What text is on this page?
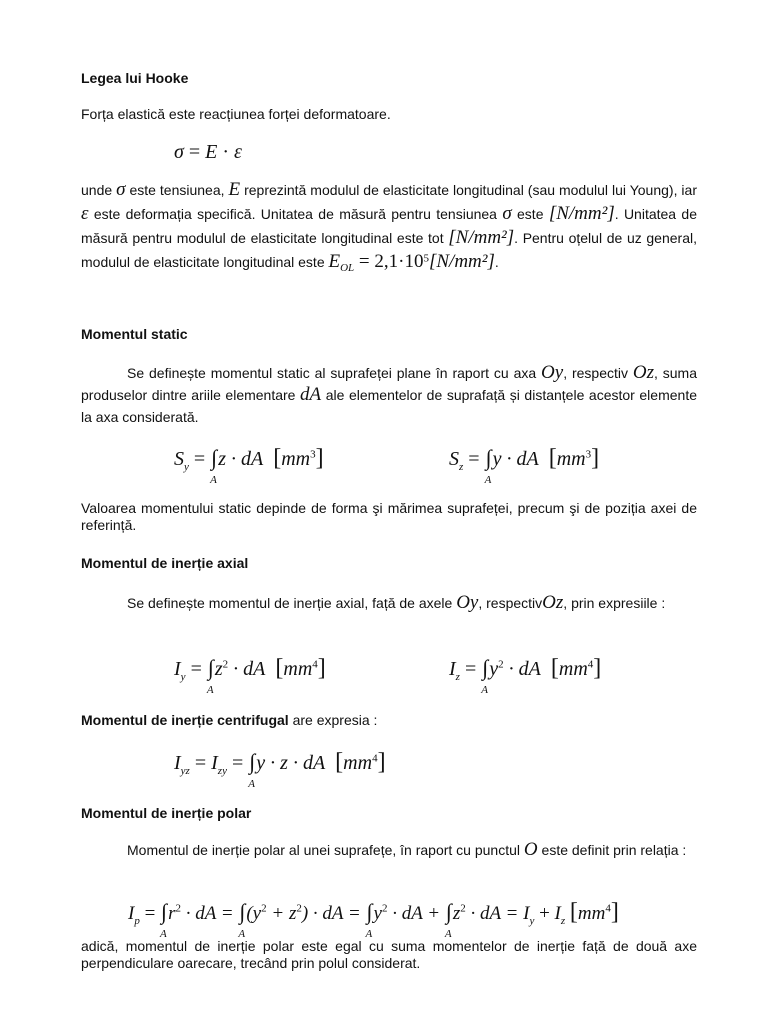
Legea lui Hooke
Forța elastică este reacțiunea forței deformatoare.
σ = E · ε
unde σ este tensiunea, E reprezintă modulul de elasticitate longitudinal (sau modulul lui Young), iar ε este deformația specifică. Unitatea de măsură pentru tensiunea σ este [N/mm²]. Unitatea de măsură pentru modulul de elasticitate longitudinal este tot [N/mm²]. Pentru oțelul de uz general, modulul de elasticitate longitudinal este $E_{OL} = 2,1\cdot 10^5[N/mm^2]$.
Momentul static
Se definește momentul static al suprafeței plane în raport cu axa Oy, respectiv Oz, suma produselor dintre ariile elementare dA ale elementelor de suprafață și distanțele acestor elemente la axa considerată.
$S_y$ = ∫
A
z · dA $[mm^3]$	$S_z$ = ∫
A
y · dA $[mm^3]$
Valoarea momentului static depinde de forma şi mărimea suprafeței, precum şi de poziția axei de referință.
Momentul de inerție axial
Se definește momentul de inerție axial, față de axele Oy, respectivOz, prin expresiile :
$I_y$ = ∫
A
$z^2$ · dA $[mm^4]$	$I_z$ = ∫
A
$y^2$ · dA $[mm^4]$
Momentul de inerție centrifugal are expresia :
$I_{yz} = I_{zy}$ = ∫
A
y · z · dA $[mm^4]$
Momentul de inerție polar
Momentul de inerție polar al unei suprafețe, în raport cu punctul O este definit prin relația :
$I_p$ = ∫
A
$r^2$ · dA = ∫
A
$(y^2 + z^2)$ · dA = ∫
A
$y^2$ · dA + ∫
A
$z^2$ · dA = $I_y + I_z$ $[mm^4]$
adică, momentul de inerție polar este egal cu suma momentelor de inerție față de două axe perpendiculare oarecare, trecând prin polul considerat.
